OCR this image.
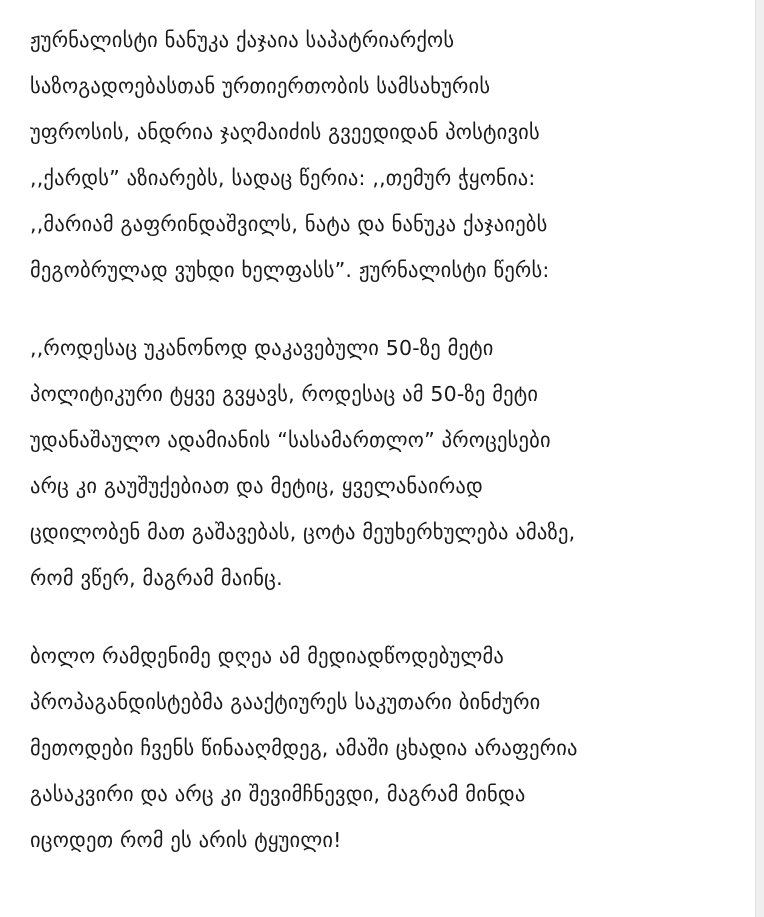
ჟურნალისტი ნანუკა ქაჯაია საპატრიარქოს
საზოგადოებასთან ურთიერთობის სამსახურის
უფროსის, ანდრია ჯაღმაიძის გვეედიდან პოსტივის
,,ქარდს” აზიარებს, სადაც წერია: ,,თემურ ჭყონია:
,,მარიამ გაფრინდაშვილს, ნატა და ნანუკა ქაჯაიებს
მეგობრულად ვუხდი ხელფასს”. ჟურნალისტი წერს:
,,როდესაც უკანონოდ დაკავებული 50-ზე მეტი
პოლიტიკური ტყვე გვყავს, როდესაც ამ 50-ზე მეტი
უდანაშაულო ადამიანის “სასამართლო” პროცესები
არც კი გაუშუქებიათ და მეტიც, ყველანაირად
ცდილობენ მათ გაშავებას, ცოტა მეუხერხულება ამაზე,
რომ ვწერ, მაგრამ მაინც.
ბოლო რამდენიმე დღეა ამ მედიადწოდებულმა
პროპაგანდისტებმა გააქტიურეს საკუთარი ბინძური
მეთოდები ჩვენს წინააღმდეგ, ამაში ცხადია არაფერია
გასაკვირი და არც კი შევიმჩნევდი, მაგრამ მინდა
იცოდეთ რომ ეს არის ტყუილი!
